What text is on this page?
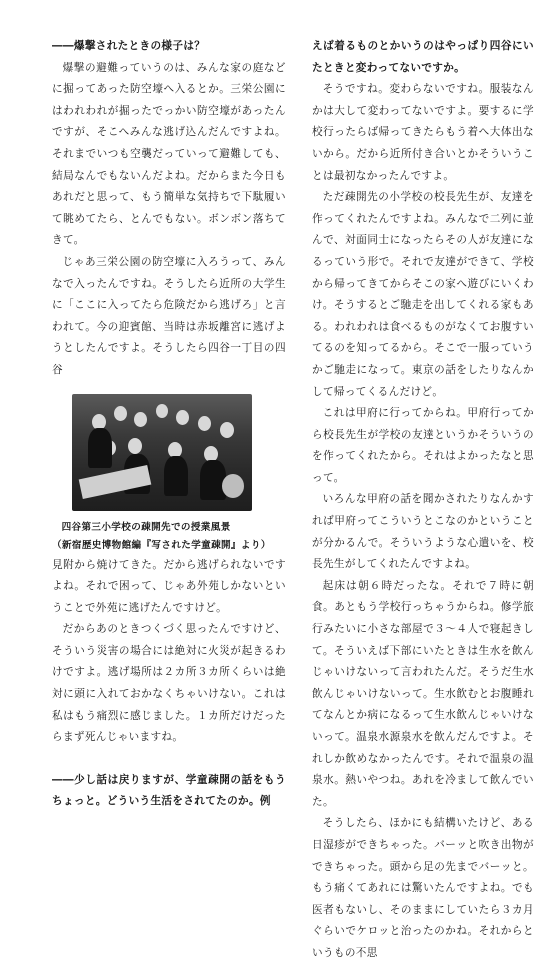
――爆撃されたときの様子は？

爆撃の避難っていうのは、みんな家の庭などに掘ってあった防空壕へ入るとか。三栄公園にはわれわれが掘ったでっかい防空壕があったんですが、そこへみんな逃げ込んだんですよね。それまでいつも空襲だっていって避難しても、結局なんでもないんだよね。だからまた今日もあれだと思って、もう簡単な気持ちで下駄履いて眺めてたら、とんでもない。ボンボン落ちてきて。

じゃあ三栄公園の防空壕に入ろうって、みんなで入ったんですね。そうしたら近所の大学生に「ここに入ってたら危険だから逃げろ」と言われて。今の迎賓館、当時は赤坂離宮に逃げようとしたんですよ。そうしたら四谷一丁目の四谷

四谷第三小学校の疎開先での授業風景
（新宿歴史博物館編『写された学童疎開』より）

見附から焼けてきた。だから逃げられないですよね。それで困って、じゃあ外苑しかないということで外苑に逃げたんですけど。

だからあのときつくづく思ったんですけど、そういう災害の場合には絶対に火災が起きるわけですよ。逃げ場所は２カ所３カ所くらいは絶対に頭に入れておかなくちゃいけない。これは私はもう痛烈に感じました。１カ所だけだったらまず死んじゃいますね。

――少し話は戻りますが、学童疎開の話をもうちょっと。どういう生活をされてたのか。例

えば着るものとかいうのはやっぱり四谷にいたときと変わってないですか。

そうですね。変わらないですね。服装なんかは大して変わってないですよ。要するに学校行ったらば帰ってきたらもう着へ大体出ないから。だから近所付き合いとかそういうことは最初なかったんですよ。

ただ疎開先の小学校の校長先生が、友達を作ってくれたんですよね。みんなで二列に並んで、対面同士になったらその人が友達になるっていう形で。それで友達ができて、学校から帰ってきてからそこの家へ遊びにいくわけ。そうするとご馳走を出してくれる家もある。われわれは食べるものがなくてお腹すいてるのを知ってるから。そこで一服っていうかご馳走になって。東京の話をしたりなんかして帰ってくるんだけど。

これは甲府に行ってからね。甲府行ってから校長先生が学校の友達というかそういうのを作ってくれたから。それはよかったなと思って。

いろんな甲府の話を聞かされたりなんかすれば甲府ってこういうとこなのかということが分かるんで。そういうような心遣いを、校長先生がしてくれたんですよね。

起床は朝６時だったな。それで７時に朝食。あともう学校行っちゃうからね。修学旅行みたいに小さな部屋で３～４人で寝起きして。そういえば下部にいたときは生水を飲んじゃいけないって言われたんだ。そうだ生水飲んじゃいけないって。生水飲むとお腹睡れてなんとか病になるって生水飲んじゃいけないって。温泉水源泉水を飲んだんですよ。それしか飲めなかったんです。それで温泉の温泉水。熱いやつね。あれを冷まして飲んでいた。

そうしたら、ほかにも結構いたけど、ある日湿疹ができちゃった。バーッと吹き出物ができちゃった。頭から足の先までバーッと。もう痛くてあれには驚いたんですよね。でも医者もないし、そのままにしていたら３カ月ぐらいでケロッと治ったのかね。それからというもの不思
